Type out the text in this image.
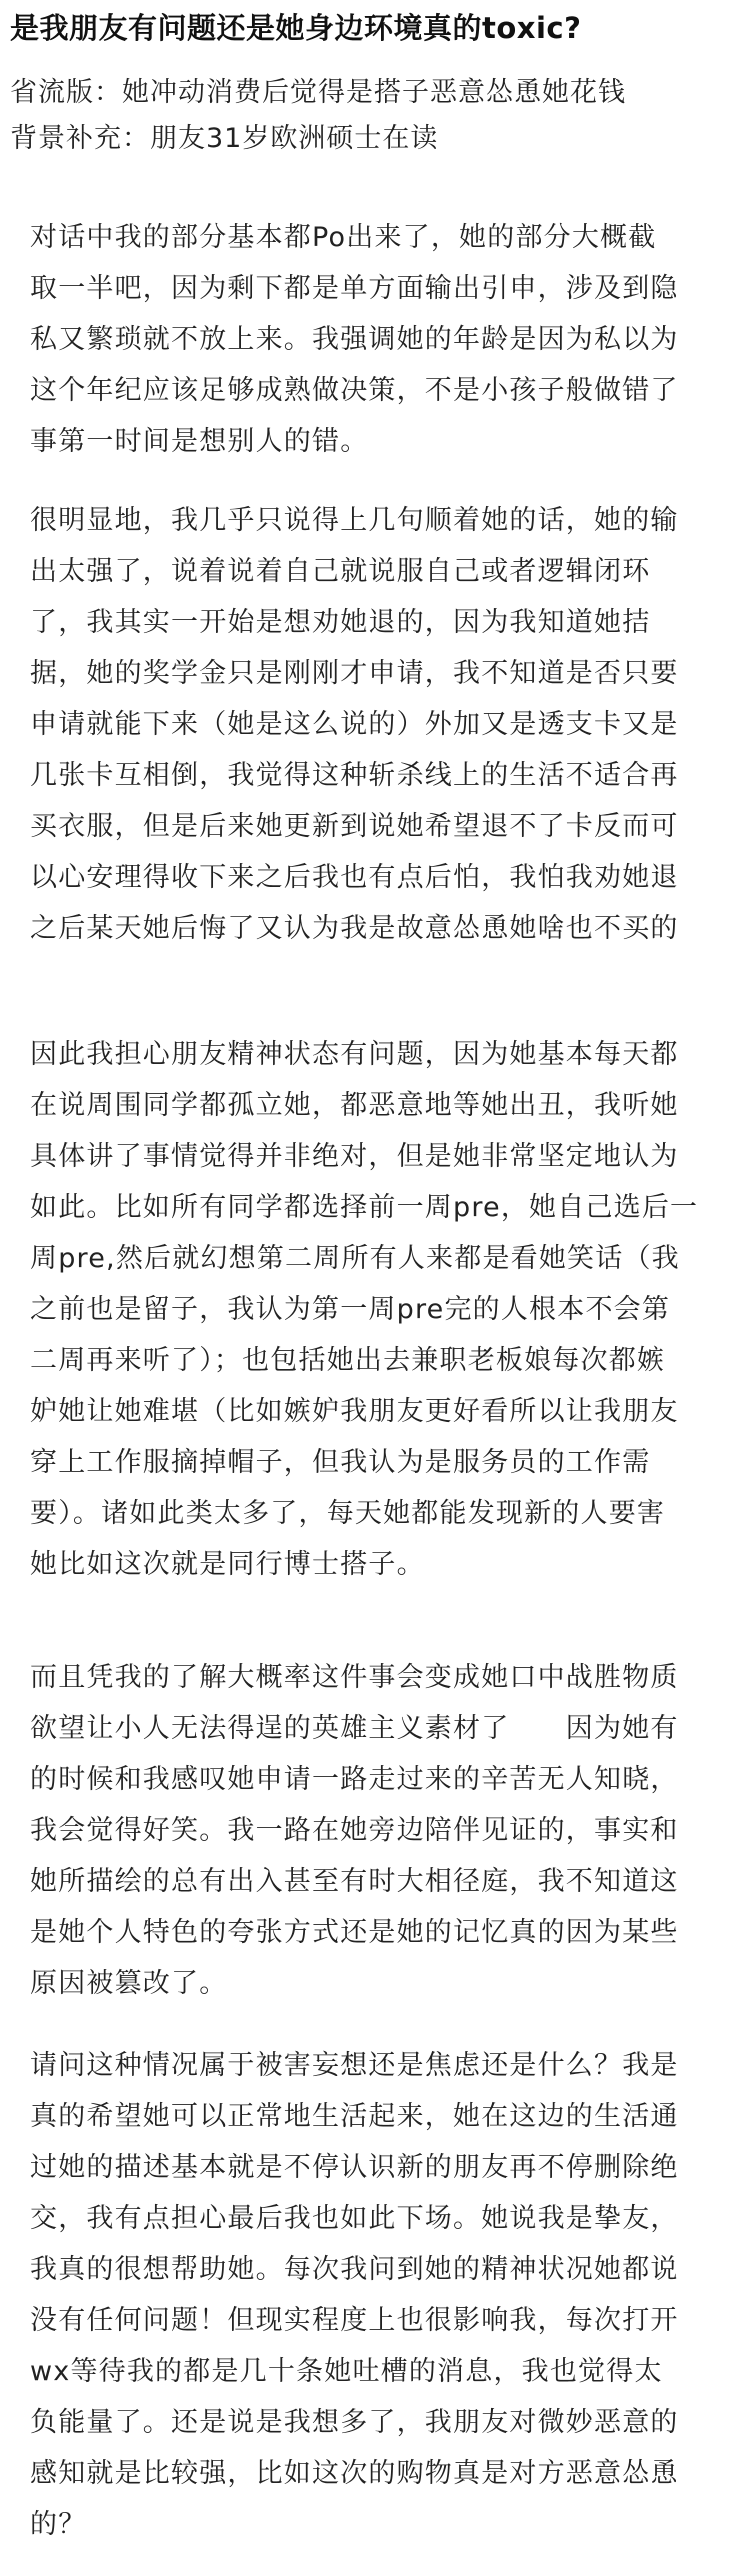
是我朋友有问题还是她身边环境真的toxic?
省流版：她冲动消费后觉得是搭子恶意怂恿她花钱
背景补充：朋友31岁欧洲硕士在读
对话中我的部分基本都Po出来了，她的部分大概截
取一半吧，因为剩下都是单方面输出引申，涉及到隐
私又繁琐就不放上来。我强调她的年龄是因为私以为
这个年纪应该足够成熟做决策，不是小孩子般做错了
事第一时间是想别人的错。
很明显地，我几乎只说得上几句顺着她的话，她的输
出太强了，说着说着自己就说服自己或者逻辑闭环
了，我其实一开始是想劝她退的，因为我知道她拮
据，她的奖学金只是刚刚才申请，我不知道是否只要
申请就能下来（她是这么说的）外加又是透支卡又是
几张卡互相倒，我觉得这种斩杀线上的生活不适合再
买衣服，但是后来她更新到说她希望退不了卡反而可
以心安理得收下来之后我也有点后怕，我怕我劝她退
之后某天她后悔了又认为我是故意怂恿她啥也不买的
因此我担心朋友精神状态有问题，因为她基本每天都
在说周围同学都孤立她，都恶意地等她出丑，我听她
具体讲了事情觉得并非绝对，但是她非常坚定地认为
如此。比如所有同学都选择前一周pre，她自己选后一
周pre,然后就幻想第二周所有人来都是看她笑话（我
之前也是留子，我认为第一周pre完的人根本不会第
二周再来听了）；也包括她出去兼职老板娘每次都嫉
妒她让她难堪（比如嫉妒我朋友更好看所以让我朋友
穿上工作服摘掉帽子，但我认为是服务员的工作需
要）。诸如此类太多了，每天她都能发现新的人要害
她比如这次就是同行博士搭子。
而且凭我的了解大概率这件事会变成她口中战胜物质
欲望让小人无法得逞的英雄主义素材了　　因为她有
的时候和我感叹她申请一路走过来的辛苦无人知晓，
我会觉得好笑。我一路在她旁边陪伴见证的，事实和
她所描绘的总有出入甚至有时大相径庭，我不知道这
是她个人特色的夸张方式还是她的记忆真的因为某些
原因被篡改了。
请问这种情况属于被害妄想还是焦虑还是什么？我是
真的希望她可以正常地生活起来，她在这边的生活通
过她的描述基本就是不停认识新的朋友再不停删除绝
交，我有点担心最后我也如此下场。她说我是挚友，
我真的很想帮助她。每次我问到她的精神状况她都说
没有任何问题！但现实程度上也很影响我，每次打开
wx等待我的都是几十条她吐槽的消息，我也觉得太
负能量了。还是说是我想多了，我朋友对微妙恶意的
感知就是比较强，比如这次的购物真是对方恶意怂恿
的？
